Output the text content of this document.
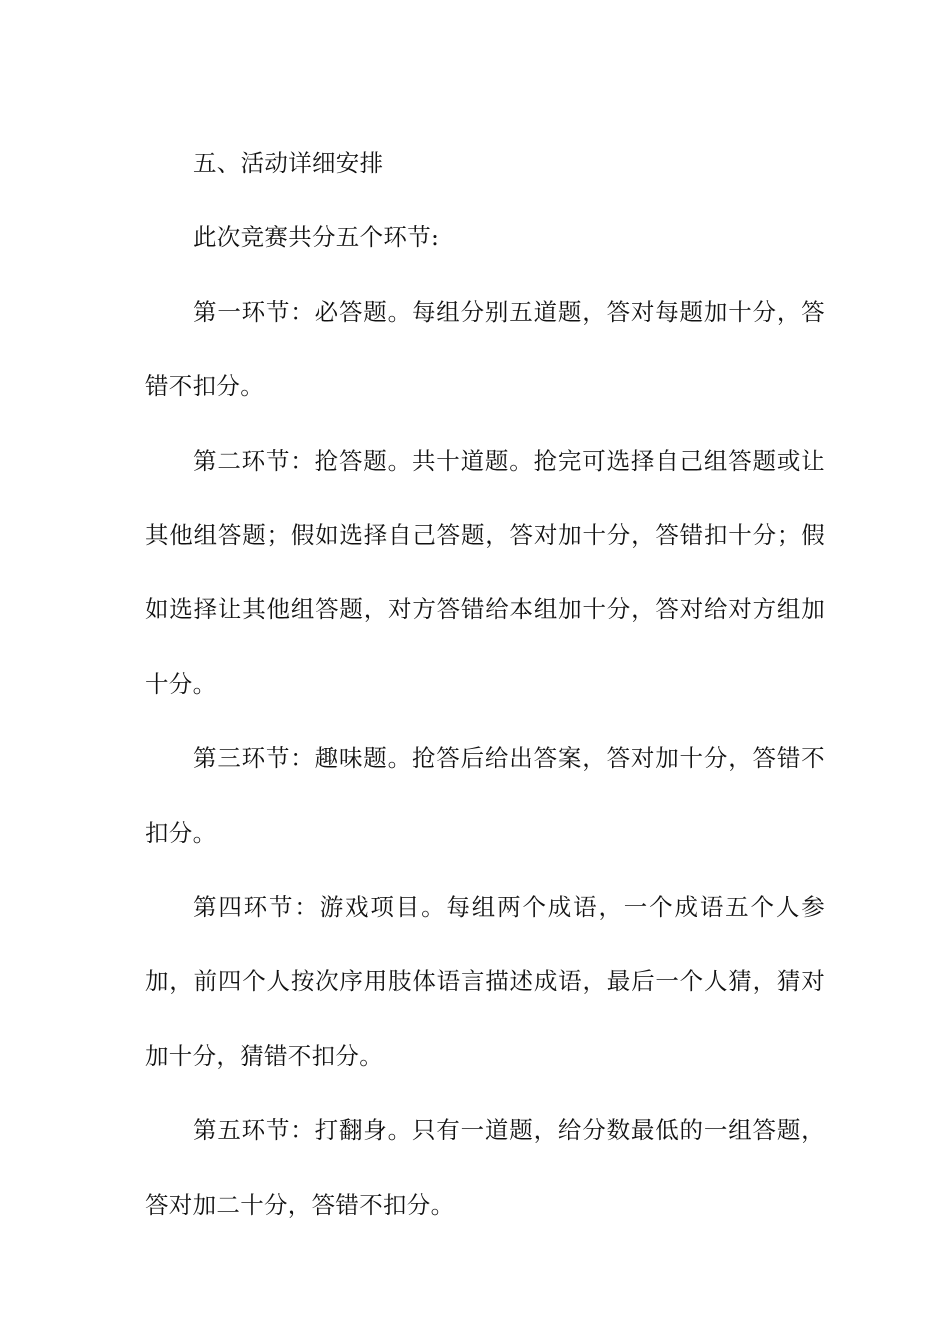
五、活动详细安排

此次竞赛共分五个环节:

第一环节：必答题。每组分别五道题，答对每题加十分，答错不扣分。

第二环节：抢答题。共十道题。抢完可选择自己组答题或让其他组答题；假如选择自己答题，答对加十分，答错扣十分；假如选择让其他组答题，对方答错给本组加十分，答对给对方组加十分。

第三环节：趣味题。抢答后给出答案，答对加十分，答错不扣分。

第四环节：游戏项目。每组两个成语，一个成语五个人参加，前四个人按次序用肢体语言描述成语，最后一个人猜，猜对加十分，猜错不扣分。

第五环节：打翻身。只有一道题，给分数最低的一组答题，答对加二十分，答错不扣分。
